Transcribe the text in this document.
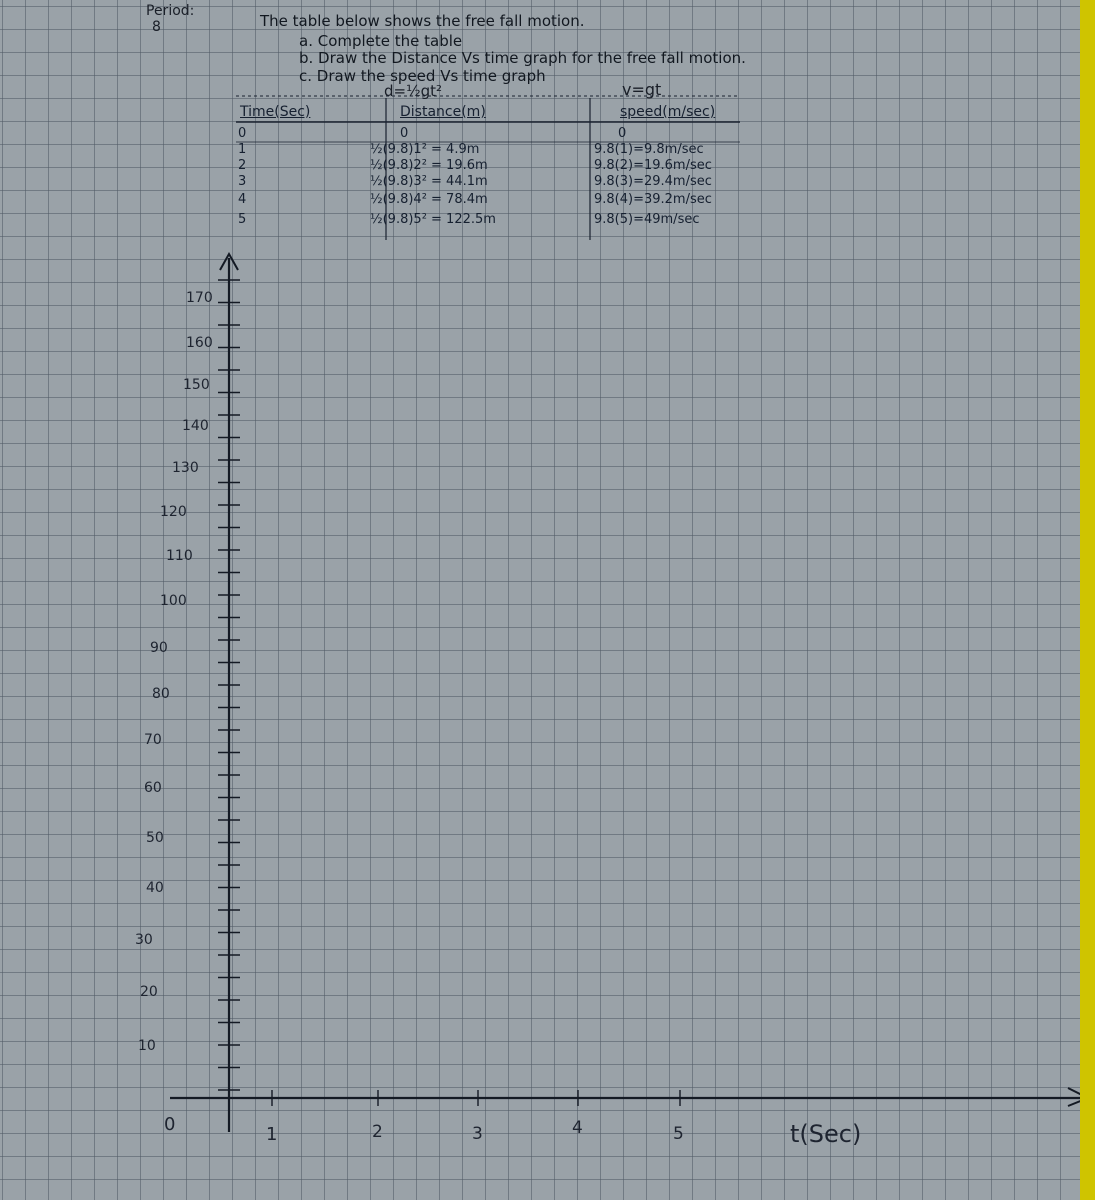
Period:
8	The table below shows the free fall motion.
a. Complete the table
b. Draw the Distance Vs time graph for the free fall motion.
c. Draw the speed Vs time graph
d=½gt²	v=gt
Time(Sec)	Distance(m)	speed(m/sec)
0	0	0
1	½(9.8)1² = 4.9m	9.8(1)=9.8m/sec
2	½(9.8)2² = 19.6m	9.8(2)=19.6m/sec
3	½(9.8)3² = 44.1m	9.8(3)=29.4m/sec
4	½(9.8)4² = 78.4m	9.8(4)=39.2m/sec
5	½(9.8)5² = 122.5m	9.8(5)=49m/sec
170
160
150
140
130
120
110
100
90
80
70
60
50
40
30
20
10
0	1	2	3	4	5	t(Sec)
